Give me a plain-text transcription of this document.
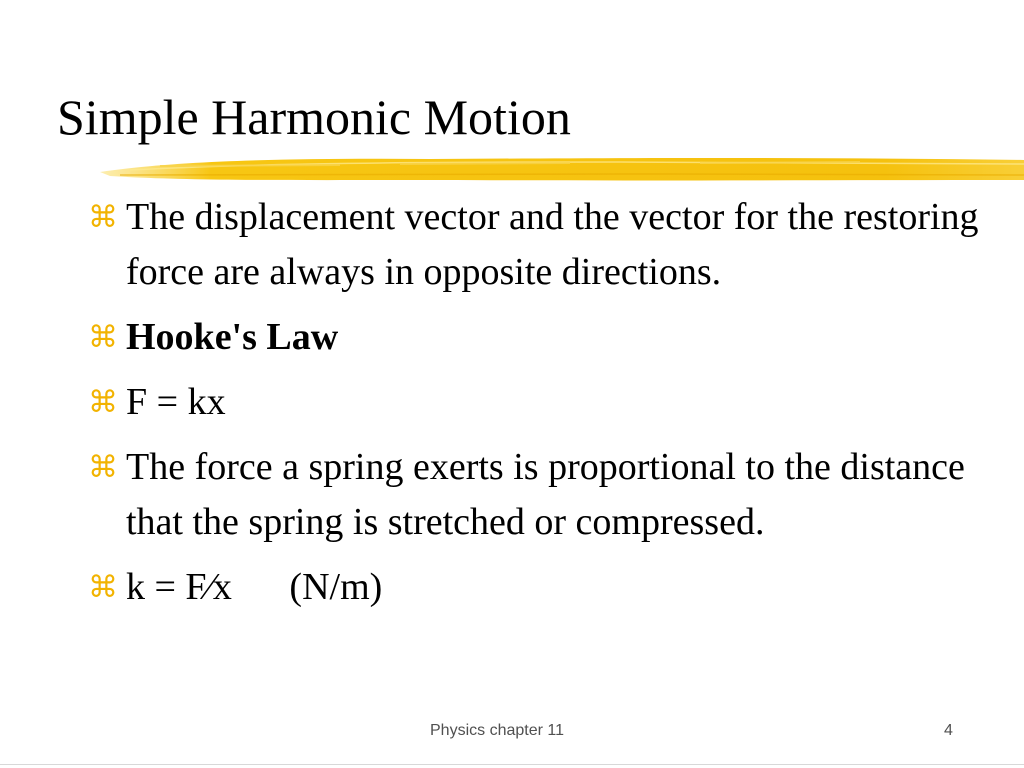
Simple Harmonic Motion
⌘ The displacement vector and the vector for the restoring force are always in opposite directions.
⌘ Hooke's Law
⌘ F = kx
⌘ The force a spring exerts is proportional to the distance that the spring is stretched or compressed.
⌘ k = F⁄x (N/m)
Physics chapter 11	4
